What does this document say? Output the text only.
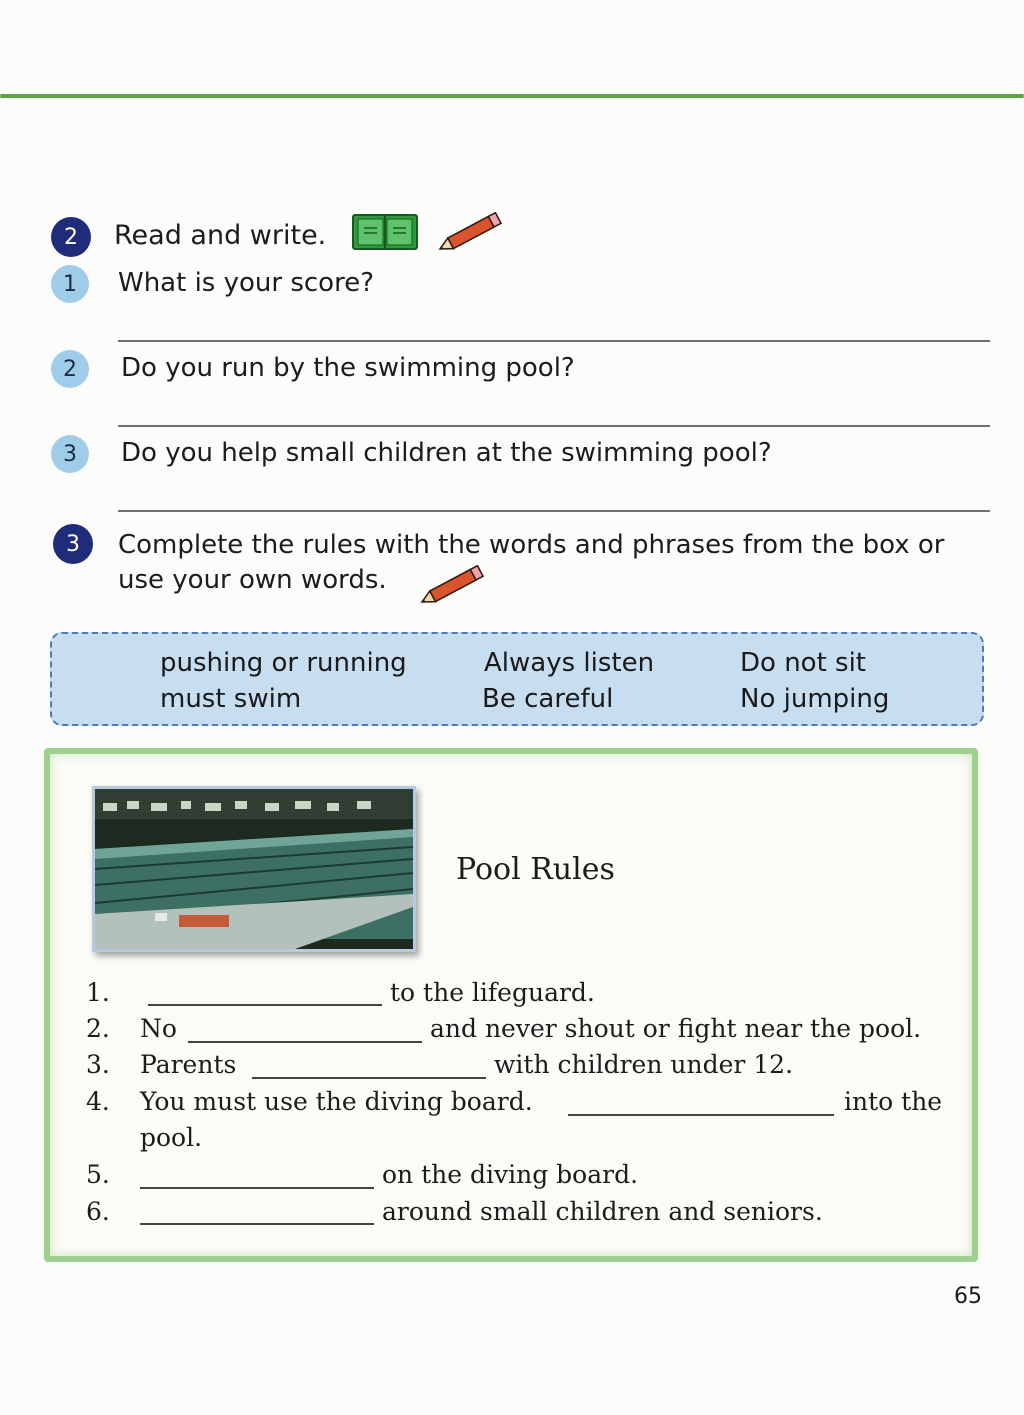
2 Read and write.
1 What is your score?
2 Do you run by the swimming pool?
3 Do you help small children at the swimming pool?
3 Complete the rules with the words and phrases from the box or
use your own words.
pushing or running	Always listen	Do not sit
must swim	Be careful	No jumping
Pool Rules
1.	to the lifeguard.
2. No	and never shout or fight near the pool.
3. Parents	with children under 12.
4. You must use the diving board.	into the
pool.
5.	on the diving board.
6.	around small children and seniors.
65
